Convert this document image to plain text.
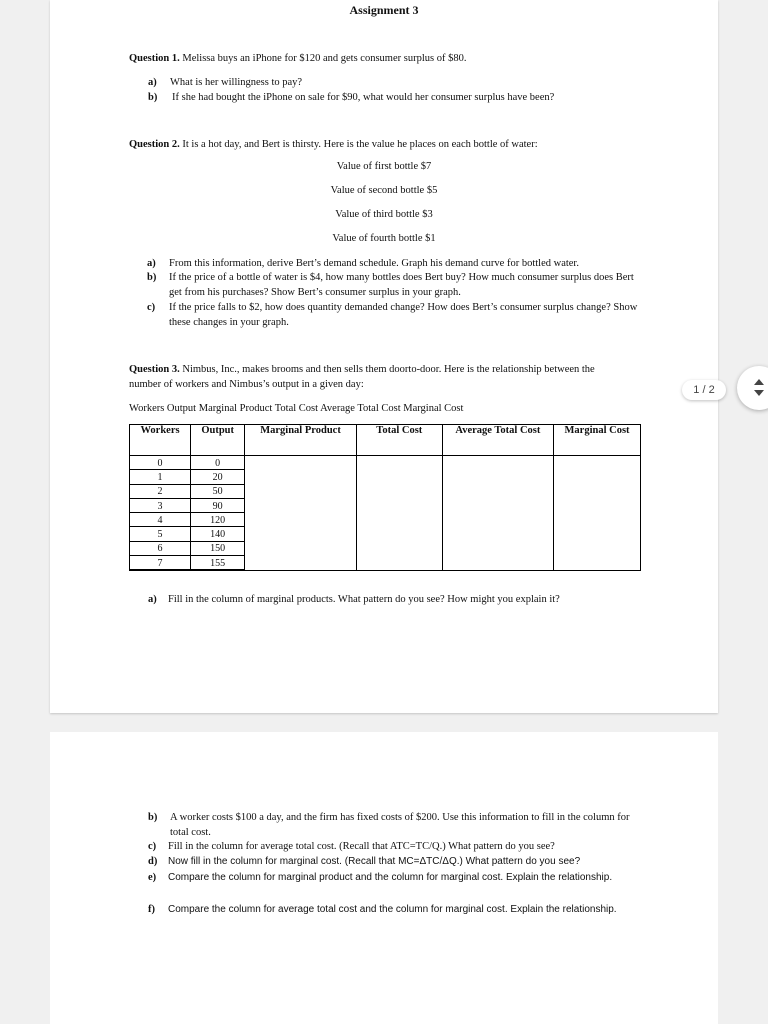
Assignment 3
Question 1. Melissa buys an iPhone for $120 and gets consumer surplus of $80.
a) What is her willingness to pay?
b) If she had bought the iPhone on sale for $90, what would her consumer surplus have been?
Question 2. It is a hot day, and Bert is thirsty. Here is the value he places on each bottle of water:
Value of first bottle $7
Value of second bottle $5
Value of third bottle $3
Value of fourth bottle $1
a) From this information, derive Bert’s demand schedule. Graph his demand curve for bottled water.
b) If the price of a bottle of water is $4, how many bottles does Bert buy? How much consumer surplus does Bert get from his purchases? Show Bert’s consumer surplus in your graph.
c) If the price falls to $2, how does quantity demanded change? How does Bert’s consumer surplus change? Show these changes in your graph.
Question 3. Nimbus, Inc., makes brooms and then sells them doorto-door. Here is the relationship between the number of workers and Nimbus’s output in a given day:
Workers Output Marginal Product Total Cost Average Total Cost Marginal Cost
Workers	Output	Marginal Product	Total Cost	Average Total Cost	Marginal Cost
0	0				
1	20				
2	50				
3	90				
4	120				
5	140				
6	150				
7	155				
a) Fill in the column of marginal products. What pattern do you see? How might you explain it?
b) A worker costs $100 a day, and the firm has fixed costs of $200. Use this information to fill in the column for total cost.
c) Fill in the column for average total cost. (Recall that ATC=TC/Q.) What pattern do you see?
d) Now fill in the column for marginal cost. (Recall that MC=ΔTC/ΔQ.) What pattern do you see?
e) Compare the column for marginal product and the column for marginal cost. Explain the relationship.
f) Compare the column for average total cost and the column for marginal cost. Explain the relationship.
1 / 2
